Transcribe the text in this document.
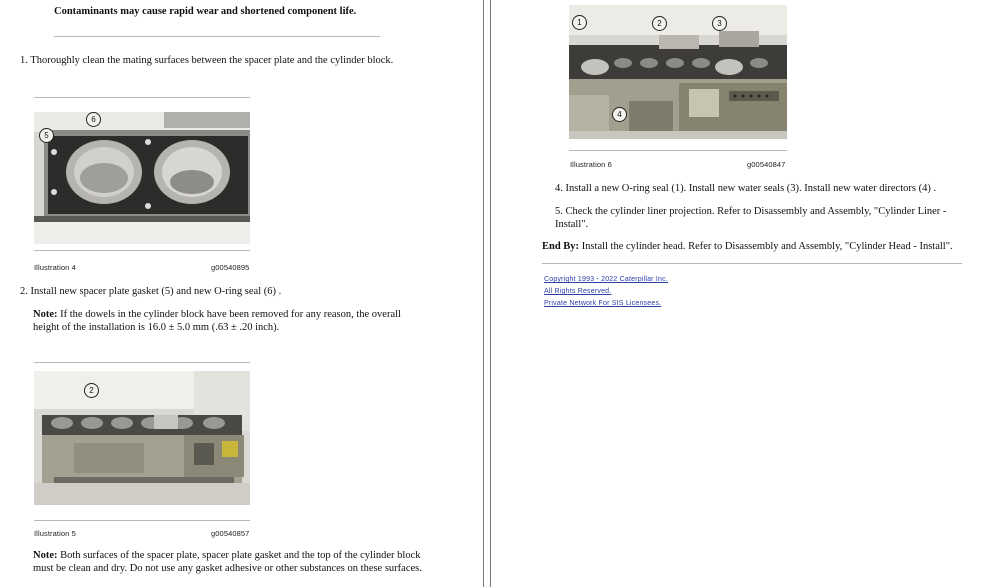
Contaminants may cause rapid wear and shortened component life.
1. Thoroughly clean the mating surfaces between the spacer plate and the cylinder block.
5
6
Illustration 4	g00540895
2. Install new spacer plate gasket (5) and new O-ring seal (6) .
Note: If the dowels in the cylinder block have been removed for any reason, the overall height of the installation is 16.0 ± 5.0 mm (.63 ± .20 inch).
2
Illustration 5	g00540857
Note: Both surfaces of the spacer plate, spacer plate gasket and the top of the cylinder block must be clean and dry. Do not use any gasket adhesive or other substances on these surfaces.
1	2	3
4
Illustration 6	g00540847
4. Install a new O-ring seal (1). Install new water seals (3). Install new water directors (4) .
5. Check the cylinder liner projection. Refer to Disassembly and Assembly, "Cylinder Liner - Install".
End By: Install the cylinder head. Refer to Disassembly and Assembly, "Cylinder Head - Install".
Copyright 1993 - 2022 Caterpillar Inc.
All Rights Reserved.
Private Network For SIS Licensees.
